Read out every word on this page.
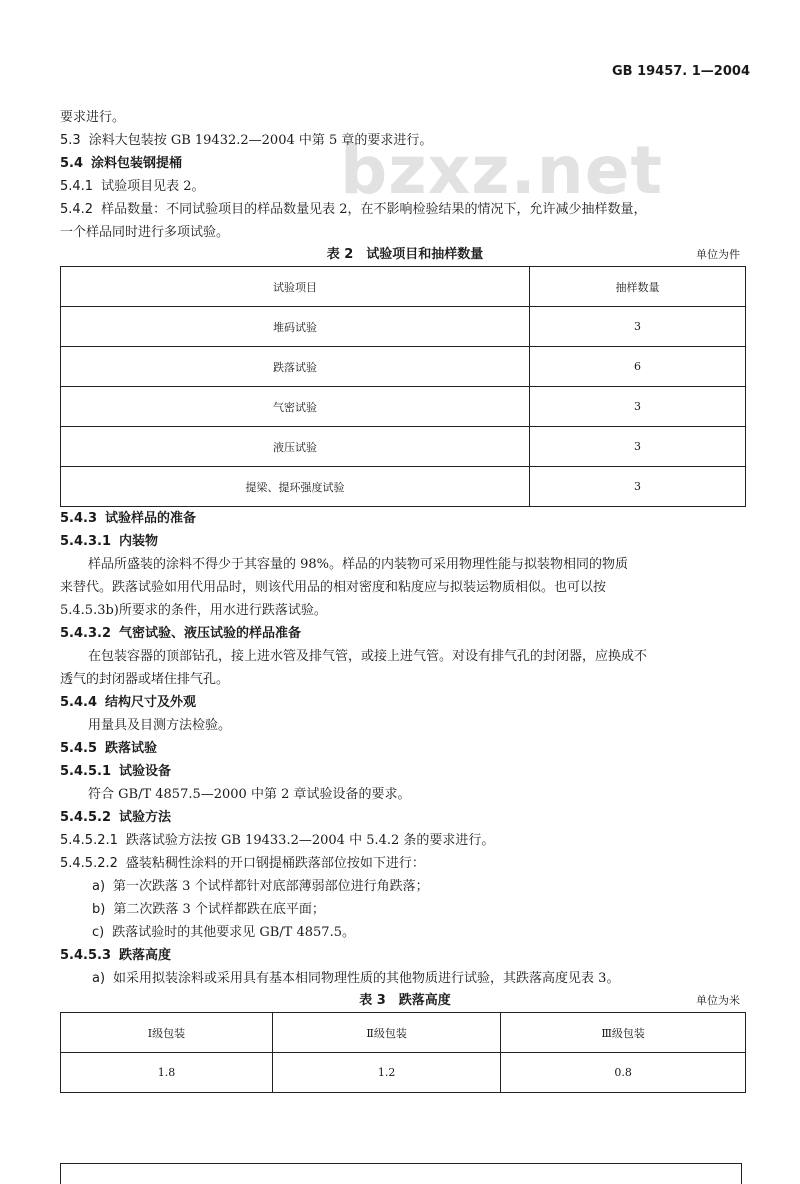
GB 19457. 1—2004
bzxz.net
要求进行。
5.3 涂料大包装按 GB 19432.2—2004 中第 5 章的要求进行。
5.4 涂料包装钢提桶
5.4.1 试验项目见表 2。
5.4.2 样品数量：不同试验项目的样品数量见表 2，在不影响检验结果的情况下，允许减少抽样数量，
一个样品同时进行多项试验。
表 2　试验项目和抽样数量	单位为件
试验项目	抽样数量
堆码试验	3
跌落试验	6
气密试验	3
液压试验	3
提梁、提环强度试验	3
5.4.3 试验样品的准备
5.4.3.1 内装物
样品所盛装的涂料不得少于其容量的 98%。样品的内装物可采用物理性能与拟装物相同的物质
来替代。跌落试验如用代用品时，则该代用品的相对密度和粘度应与拟装运物质相似。也可以按
5.4.5.3b)所要求的条件，用水进行跌落试验。
5.4.3.2 气密试验、液压试验的样品准备
在包装容器的顶部钻孔，接上进水管及排气管，或接上进气管。对设有排气孔的封闭器，应换成不
透气的封闭器或堵住排气孔。
5.4.4 结构尺寸及外观
用量具及目测方法检验。
5.4.5 跌落试验
5.4.5.1 试验设备
符合 GB/T 4857.5—2000 中第 2 章试验设备的要求。
5.4.5.2 试验方法
5.4.5.2.1 跌落试验方法按 GB 19433.2—2004 中 5.4.2 条的要求进行。
5.4.5.2.2 盛装粘稠性涂料的开口钢提桶跌落部位按如下进行：
a) 第一次跌落 3 个试样都针对底部薄弱部位进行角跌落；
b) 第二次跌落 3 个试样都跌在底平面；
c) 跌落试验时的其他要求见 GB/T 4857.5。
5.4.5.3 跌落高度
a) 如采用拟装涂料或采用具有基本相同物理性质的其他物质进行试验，其跌落高度见表 3。
表 3　跌落高度	单位为米
Ⅰ级包装	Ⅱ级包装	Ⅲ级包装
1.8	1.2	0.8
